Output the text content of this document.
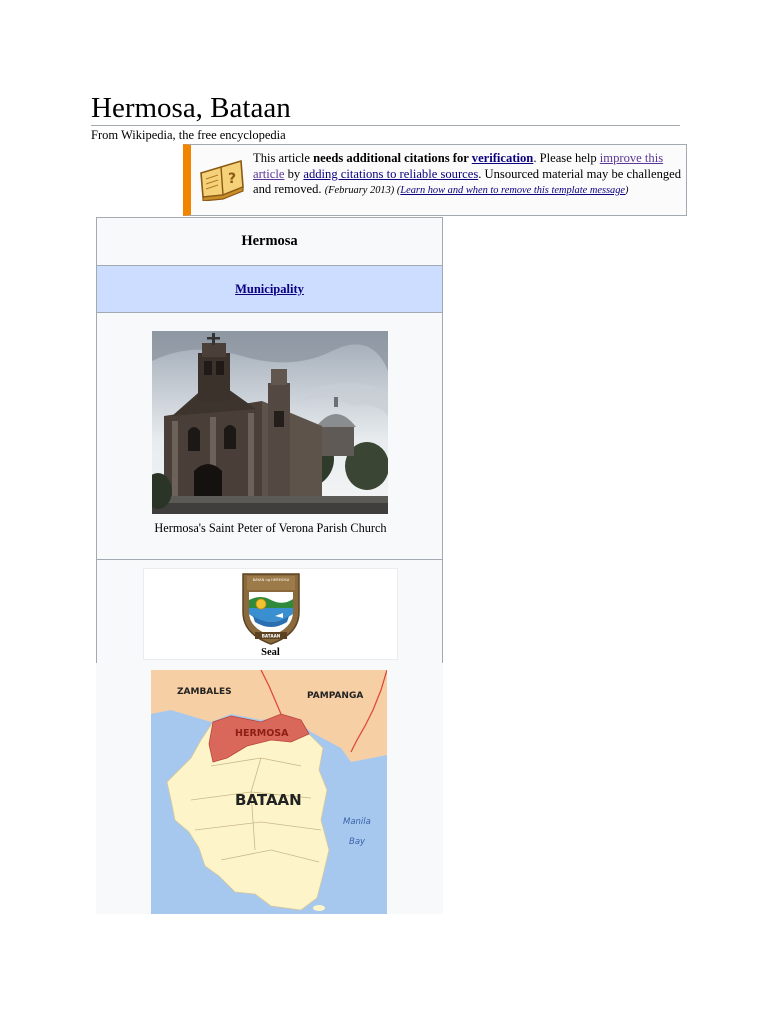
Hermosa, Bataan
From Wikipedia, the free encyclopedia
?
This article needs additional citations for verification. Please help improve this article by adding citations to reliable sources. Unsourced material may be challenged and removed. (February 2013) (Learn how and when to remove this template message)
Hermosa
Municipality
Hermosa's Saint Peter of Verona Parish Church
BAYAN ng HERMOSA
BATAAN
Seal
ZAMBALES	PAMPANGA
HERMOSA
BATAAN
Manila
Bay
